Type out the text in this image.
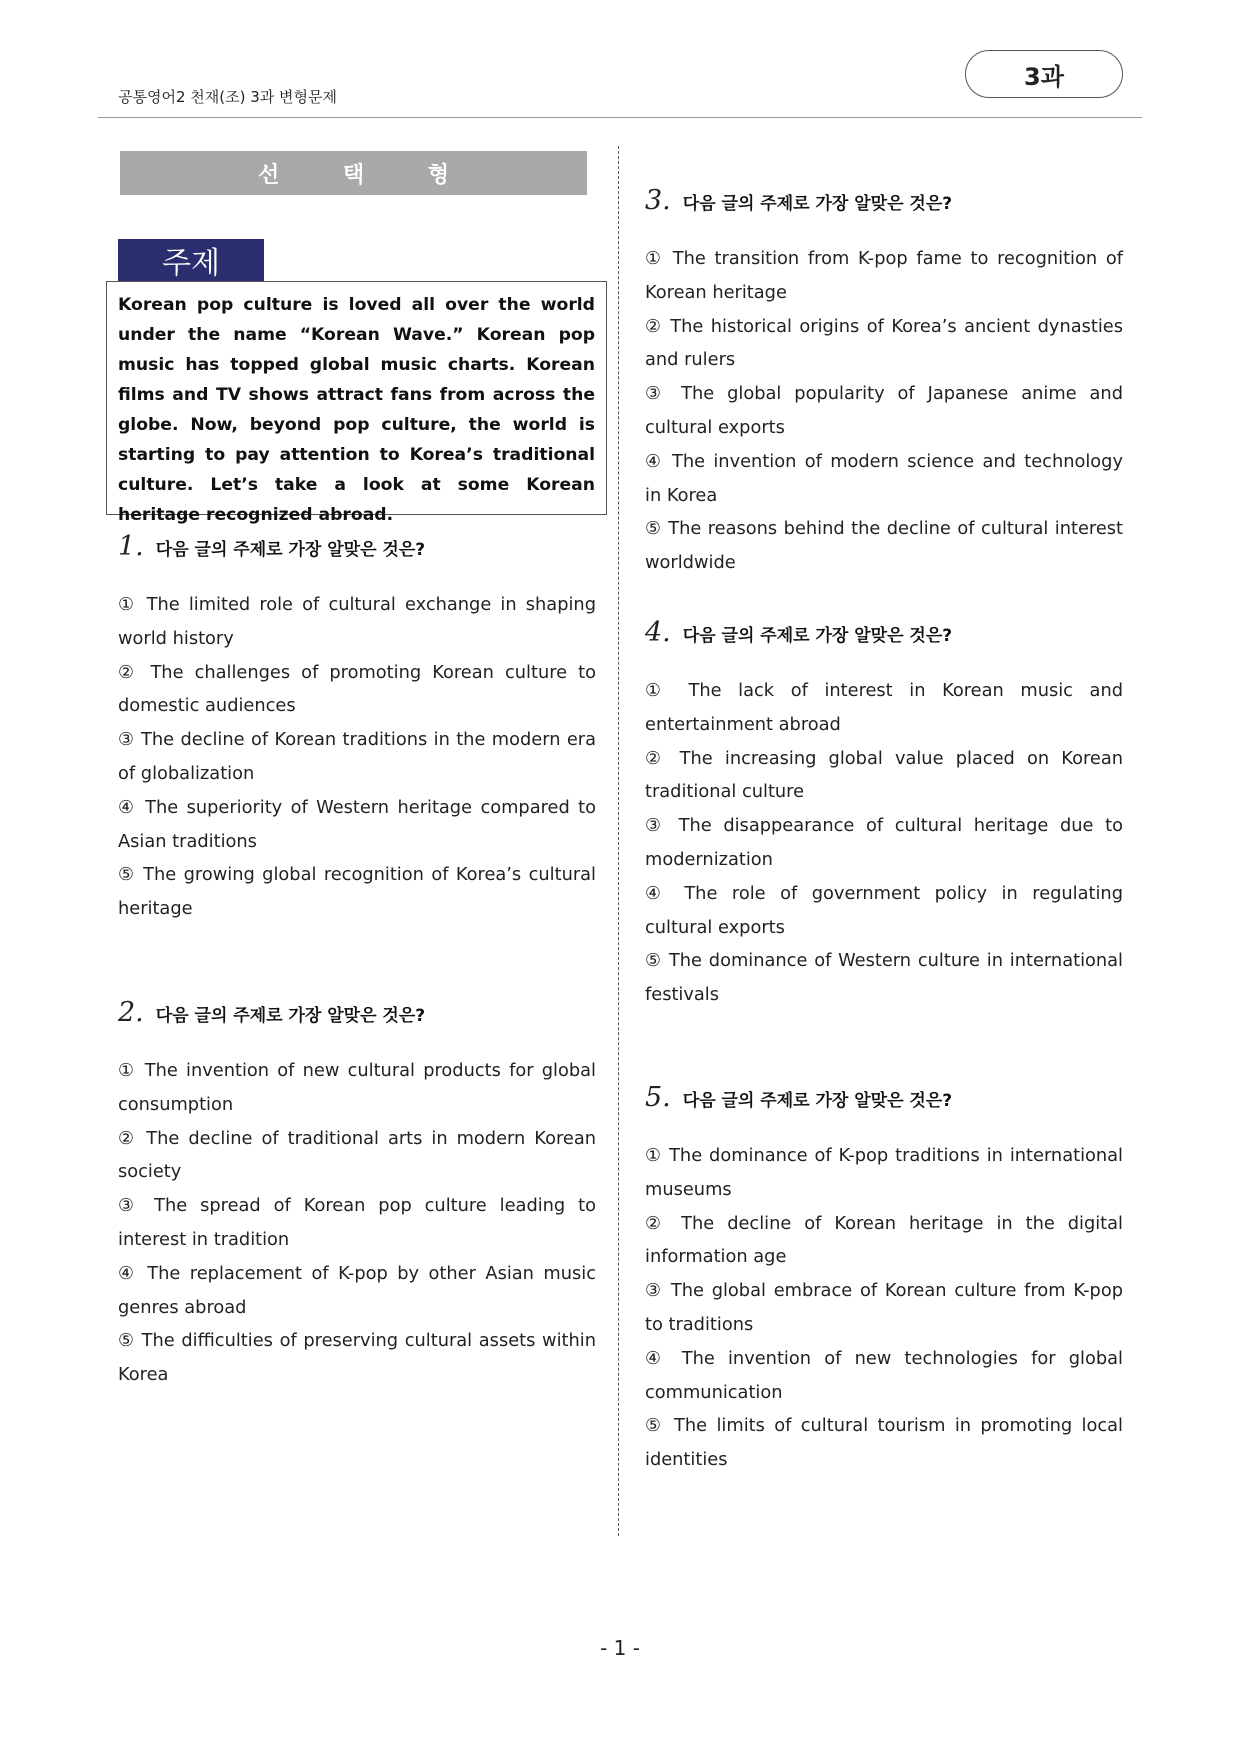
공통영어2 천재(조) 3과 변형문제
3과
선 택 형
주제

Korean pop culture is loved all over the world under the name “Korean Wave.” Korean pop music has topped global music charts. Korean films and TV shows attract fans from across the globe. Now, beyond pop culture, the world is starting to pay attention to Korea’s traditional culture. Let’s take a look at some Korean heritage recognized abroad.

1. 다음 글의 주제로 가장 알맞은 것은?
① The limited role of cultural exchange in shaping world history
② The challenges of promoting Korean culture to domestic audiences
③ The decline of Korean traditions in the modern era of globalization
④ The superiority of Western heritage compared to Asian traditions
⑤ The growing global recognition of Korea’s cultural heritage
2. 다음 글의 주제로 가장 알맞은 것은?
① The invention of new cultural products for global consumption
② The decline of traditional arts in modern Korean society
③ The spread of Korean pop culture leading to interest in tradition
④ The replacement of K-pop by other Asian music genres abroad
⑤ The difficulties of preserving cultural assets within Korea
3. 다음 글의 주제로 가장 알맞은 것은?
① The transition from K-pop fame to recognition of Korean heritage
② The historical origins of Korea’s ancient dynasties and rulers
③ The global popularity of Japanese anime and cultural exports
④ The invention of modern science and technology in Korea
⑤ The reasons behind the decline of cultural interest worldwide
4. 다음 글의 주제로 가장 알맞은 것은?
① The lack of interest in Korean music and entertainment abroad
② The increasing global value placed on Korean traditional culture
③ The disappearance of cultural heritage due to modernization
④ The role of government policy in regulating cultural exports
⑤ The dominance of Western culture in international festivals
5. 다음 글의 주제로 가장 알맞은 것은?
① The dominance of K-pop traditions in international museums
② The decline of Korean heritage in the digital information age
③ The global embrace of Korean culture from K-pop to traditions
④ The invention of new technologies for global communication
⑤ The limits of cultural tourism in promoting local identities
- 1 -
